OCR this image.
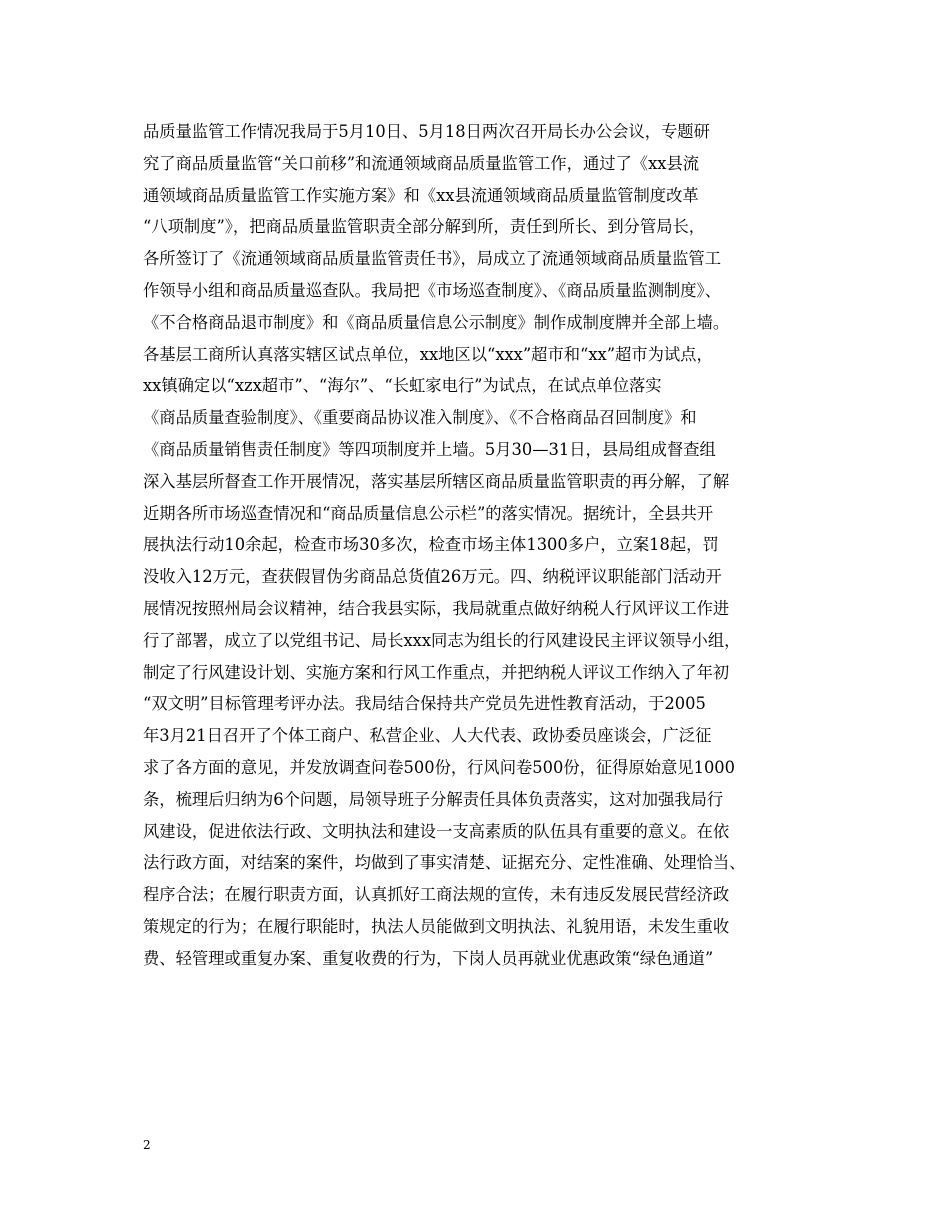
品质量监管工作情况我局于5月10日、5月18日两次召开局长办公会议，专题研
究了商品质量监管“关口前移”和流通领域商品质量监管工作，通过了《xx县流
通领域商品质量监管工作实施方案》和《xx县流通领域商品质量监管制度改革
“八项制度”》，把商品质量监管职责全部分解到所，责任到所长、到分管局长，
各所签订了《流通领域商品质量监管责任书》，局成立了流通领域商品质量监管工
作领导小组和商品质量巡查队。我局把《市场巡查制度》、《商品质量监测制度》、
《不合格商品退市制度》和《商品质量信息公示制度》制作成制度牌并全部上墙。
各基层工商所认真落实辖区试点单位，xx地区以“xxx”超市和“xx”超市为试点，
xx镇确定以“xzx超市”、“海尔”、“长虹家电行”为试点，在试点单位落实
《商品质量查验制度》、《重要商品协议准入制度》、《不合格商品召回制度》和
《商品质量销售责任制度》等四项制度并上墙。5月30—31日，县局组成督查组
深入基层所督查工作开展情况，落实基层所辖区商品质量监管职责的再分解，了解
近期各所市场巡查情况和“商品质量信息公示栏”的落实情况。据统计，全县共开
展执法行动10余起，检查市场30多次，检查市场主体1300多户，立案18起，罚
没收入12万元，查获假冒伪劣商品总货值26万元。四、纳税评议职能部门活动开
展情况按照州局会议精神，结合我县实际，我局就重点做好纳税人行风评议工作进
行了部署，成立了以党组书记、局长xxx同志为组长的行风建设民主评议领导小组，
制定了行风建设计划、实施方案和行风工作重点，并把纳税人评议工作纳入了年初
“双文明”目标管理考评办法。我局结合保持共产党员先进性教育活动，于2005
年3月21日召开了个体工商户、私营企业、人大代表、政协委员座谈会，广泛征
求了各方面的意见，并发放调查问卷500份，行风问卷500份，征得原始意见1000
条，梳理后归纳为6个问题，局领导班子分解责任具体负责落实，这对加强我局行
风建设，促进依法行政、文明执法和建设一支高素质的队伍具有重要的意义。在依
法行政方面，对结案的案件，均做到了事实清楚、证据充分、定性准确、处理恰当、
程序合法；在履行职责方面，认真抓好工商法规的宣传，未有违反发展民营经济政
策规定的行为；在履行职能时，执法人员能做到文明执法、礼貌用语，未发生重收
费、轻管理或重复办案、重复收费的行为，下岗人员再就业优惠政策“绿色通道”
2
